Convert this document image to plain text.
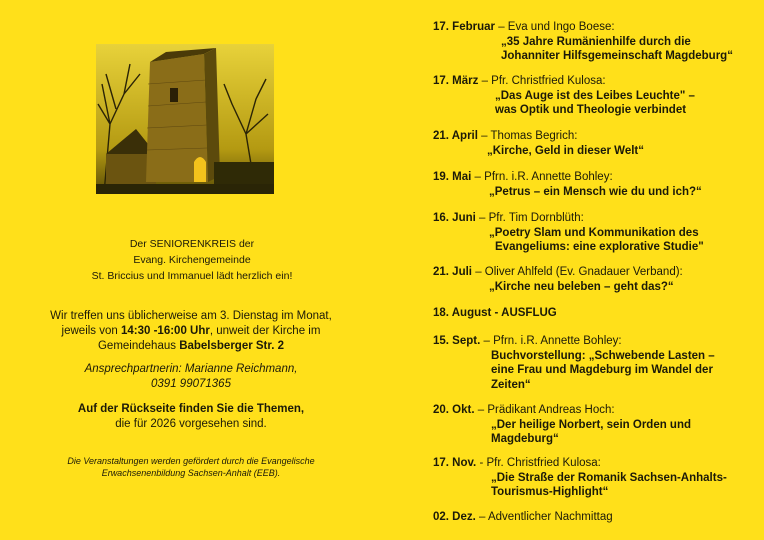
Der SENIORENKREIS der
Evang. Kirchengemeinde
St. Briccius und Immanuel lädt herzlich ein!
Wir treffen uns üblicherweise am 3. Dienstag im Monat,
jeweils von 14:30 -16:00 Uhr, unweit der Kirche im
Gemeindehaus Babelsberger Str. 2
Ansprechpartnerin: Marianne Reichmann,
0391 99071365
Auf der Rückseite finden Sie die Themen,
die für 2026 vorgesehen sind.
Die Veranstaltungen werden gefördert durch die Evangelische
Erwachsenenbildung Sachsen-Anhalt (EEB).
17. Februar – Eva und Ingo Boese:
„35 Jahre Rumänienhilfe durch die
Johanniter Hilfsgemeinschaft Magdeburg“
17. März – Pfr. Christfried Kulosa:
„Das Auge ist des Leibes Leuchte" –
was Optik und Theologie verbindet
21. April – Thomas Begrich:
„Kirche, Geld in dieser Welt“
19. Mai – Pfrn. i.R. Annette Bohley:
„Petrus – ein Mensch wie du und ich?“
16. Juni – Pfr. Tim Dornblüth:
„Poetry Slam und Kommunikation des
Evangeliums: eine explorative Studie"
21. Juli – Oliver Ahlfeld (Ev. Gnadauer Verband):
„Kirche neu beleben – geht das?“
18. August - AUSFLUG
15. Sept. – Pfrn. i.R. Annette Bohley:
Buchvorstellung: „Schwebende Lasten –
eine Frau und Magdeburg im Wandel der
Zeiten“
20. Okt. – Prädikant Andreas Hoch:
„Der heilige Norbert, sein Orden und
Magdeburg“
17. Nov. - Pfr. Christfried Kulosa:
„Die Straße der Romanik Sachsen-Anhalts-
Tourismus-Highlight“
02. Dez. – Adventlicher Nachmittag
